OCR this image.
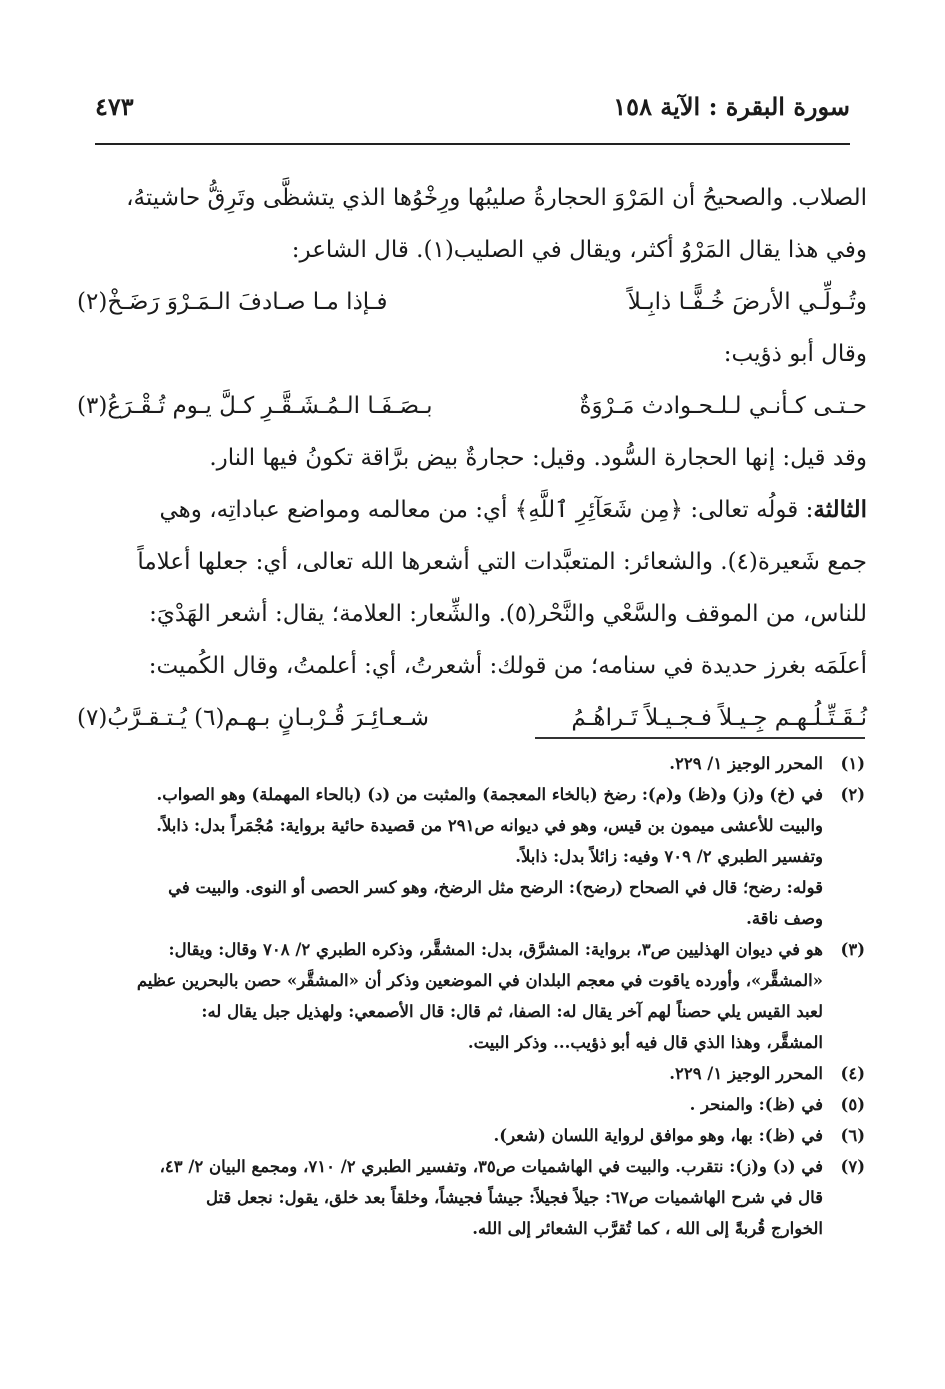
سورة البقرة : الآية ١٥٨
٤٧٣
الصلاب. والصحيحُ أن المَرْوَ الحجارةُ صليبُها ورِخْوُها الذي يتشظَّى وتَرِقُّ حاشيتهُ،
وفي هذا يقال المَرْوُ أكثر، ويقال في الصليب(١). قال الشاعر:
وتُـولِّـي الأرضَ خُـفًّـا ذابِـلاً
فـإذا مـا صـادفَ الـمَـرْوَ رَضَـخْ(٢)
وقال أبو ذؤيب:
حـتـى كـأنـي لـلـحـوادث مَـرْوَةٌ
بـصَـفَـا الـمُـشَـقَّـرِ كـلَّ يـوم تُـقْـرَعُ(٣)
وقد قيل: إنها الحجارة السُّود. وقيل: حجارةٌ بيض برَّاقة تكونُ فيها النار.
الثالثة: قولُه تعالى: ﴿مِن شَعَآئِرِ ٱللَّهِ﴾ أي: من معالمه ومواضع عباداتِه، وهي
جمع شَعيرة(٤). والشعائر: المتعبَّدات التي أشعرها الله تعالى، أي: جعلها أعلاماً
للناس، من الموقف والسَّعْي والنَّحْر(٥). والشِّعار: العلامة؛ يقال: أشعر الهَدْيَ:
أعلَمَه بغرز حديدة في سنامه؛ من قولك: أشعرتُ، أي: أعلمتُ، وقال الكُميت:
نُـقَـتِّـلُـهـم جِـيـلاً فـجـيـلاً تَـراهُـمُ
شـعـائِـرَ قُـرْبـانٍ بـهـم(٦) يُـتـقـرَّبُ(٧)
(١)
المحرر الوجيز ١/ ٢٢٩.
(٢)
في (خ) و(ز) و(ظ) و(م): رضخ (بالخاء المعجمة) والمثبت من (د) (بالحاء المهملة) وهو الصواب.
والبيت للأعشى ميمون بن قيس، وهو في ديوانه ص٢٩١ من قصيدة حائية برواية: مُجْمَراً بدل: ذابلاً.
وتفسير الطبري ٢/ ٧٠٩ وفيه: زائلاً بدل: ذابلاً.
قوله: رضح؛ قال في الصحاح (رضح): الرضح مثل الرضخ، وهو كسر الحصى أو النوى. والبيت في
وصف ناقة.
(٣)
هو في ديوان الهذليين ص٣، برواية: المشرَّق، بدل: المشقَّر، وذكره الطبري ٢/ ٧٠٨ وقال: ويقال:
«المشقَّر»، وأورده ياقوت في معجم البلدان في الموضعين وذكر أن «المشقَّر» حصن بالبحرين عظيم
لعبد القيس يلي حصناً لهم آخر يقال له: الصفا، ثم قال: قال الأصمعي: ولهذيل جبل يقال له:
المشقَّر، وهذا الذي قال فيه أبو ذؤيب... وذكر البيت.
(٤)
المحرر الوجيز ١/ ٢٢٩.
(٥)
في (ظ): والمنحر .
(٦)
في (ظ): بها، وهو موافق لرواية اللسان (شعر).
(٧)
في (د) و(ز): نتقرب. والبيت في الهاشميات ص٣٥، وتفسير الطبري ٢/ ٧١٠، ومجمع البيان ٢/ ٤٣،
قال في شرح الهاشميات ص٦٧: جيلاً فجيلاً: جيشاً فجيشاً، وخلقاً بعد خلق، يقول: نجعل قتل
الخوارج قُربةً إلى الله ، كما تُقرَّب الشعائر إلى الله.
